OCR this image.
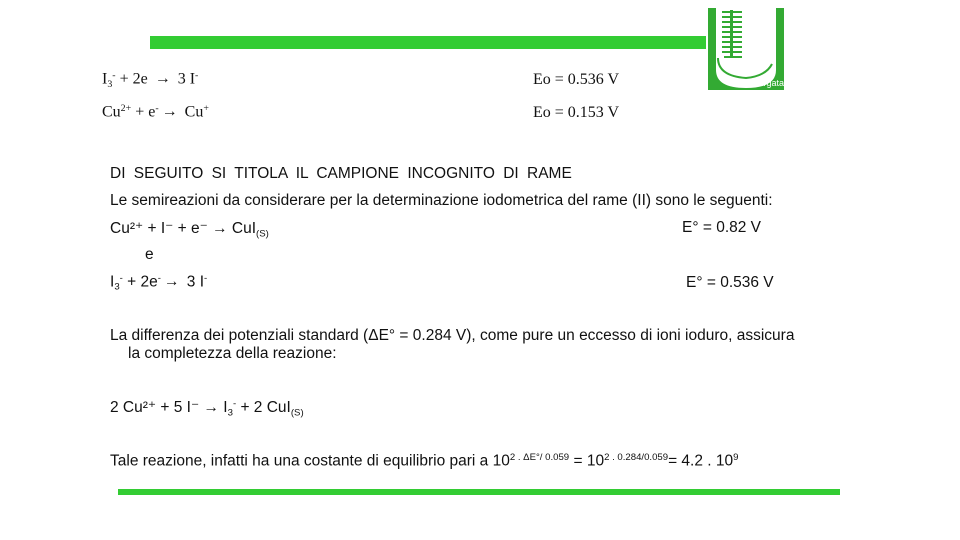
Tor Vergata
$I_3^- + 2e \to 3$ I-	Eo = 0.536 V
$Cu^{2+} + e^- \to Cu^+$	Eo = 0.153 V
DI SEGUITO SI TITOLA IL CAMPIONE INCOGNITO DI RAME
Le semireazioni da considerare per la determinazione iodometrica del rame (II) sono le seguenti:
Cu²⁺ + I⁻ + e⁻ → CuI$_{(S)}$	E° = 0.82 V
e
$I_3^- + 2e^- \to 3$ I-	E° = 0.536 V
La differenza dei potenziali standard (ΔE° = 0.284 V), come pure un eccesso di ioni ioduro, assicura
la completezza della reazione:
2 Cu²⁺ + 5 $I^- \to I_3^- + 2$ CuI$_{(S)}$
Tale reazione, infatti ha una costante di equilibrio pari a $10^{2 . \Delta E^\circ/ 0.059} = 10^{2 . 0.284/0.059}= 4.2$ . $10^9$
